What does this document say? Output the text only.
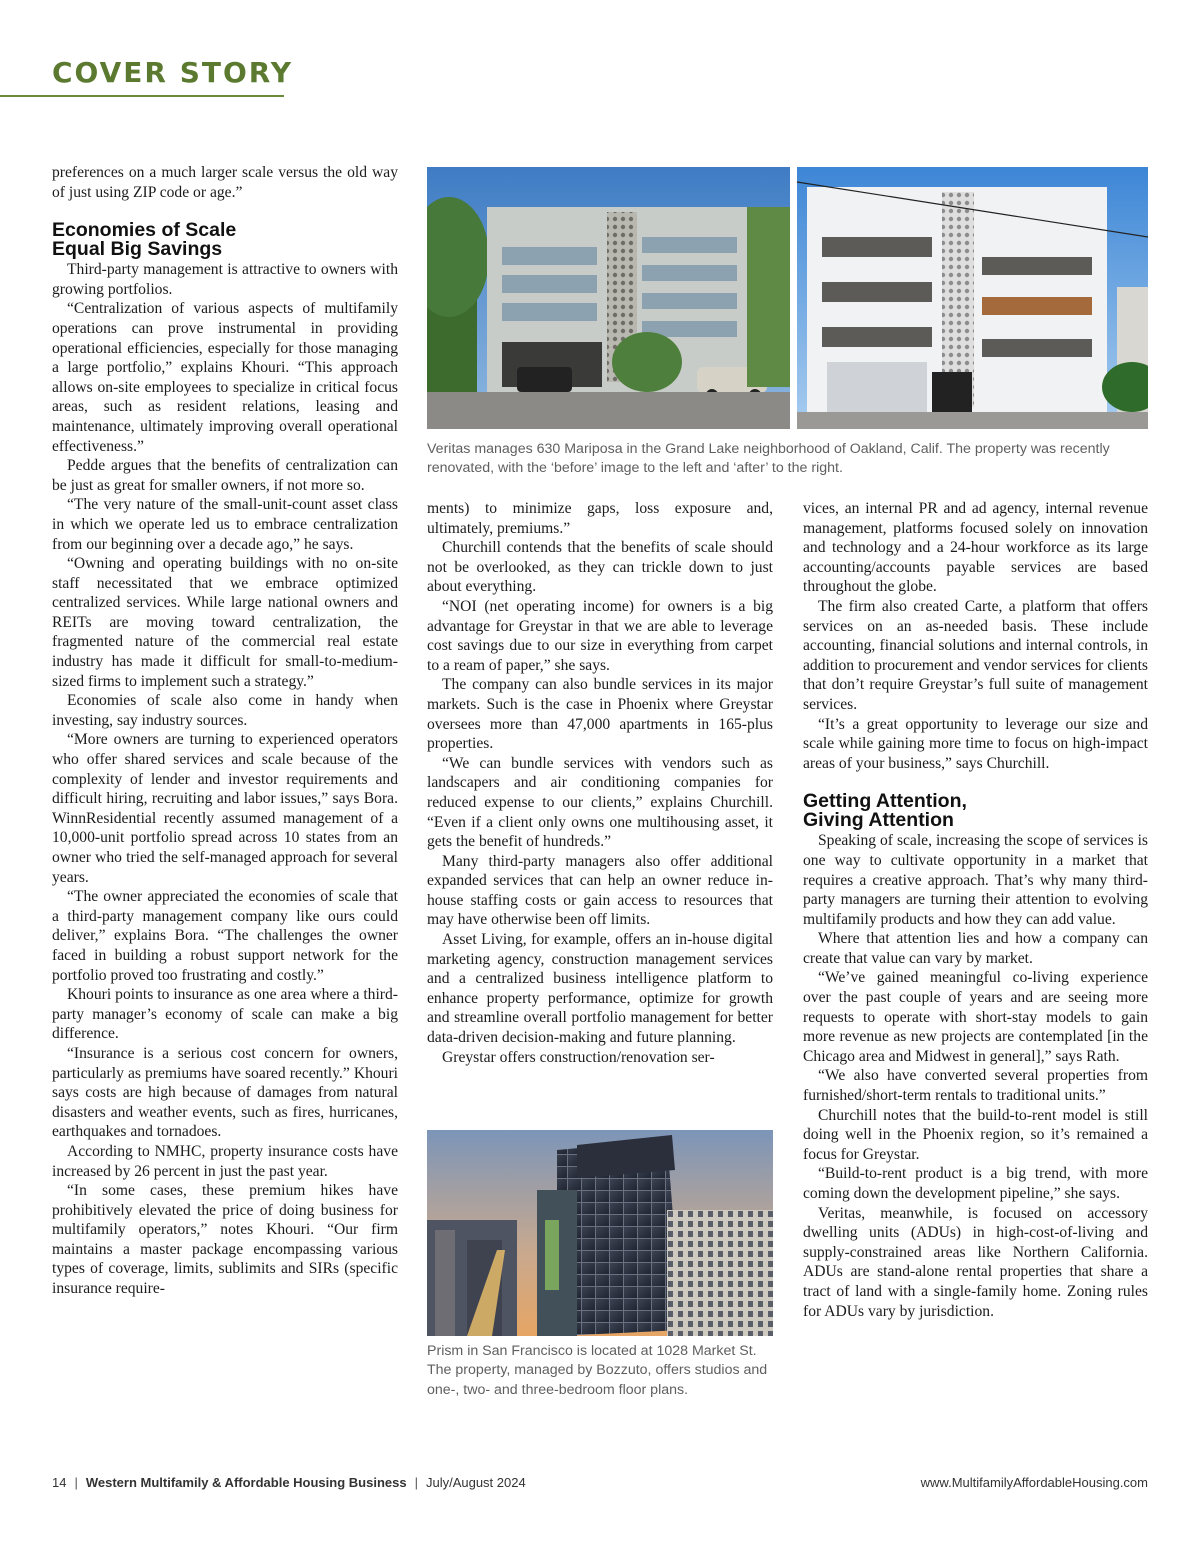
COVER STORY

preferences on a much larger scale versus the old way of just using ZIP code or age.”

Economies of Scale
Equal Big Savings

Third-party management is attractive to owners with growing portfolios.

“Centralization of various aspects of multifamily operations can prove instrumental in providing operational efficiencies, especially for those managing a large portfolio,” explains Khouri. “This approach allows on-site employees to specialize in critical focus areas, such as resident relations, leasing and maintenance, ultimately improving overall operational effectiveness.”

Pedde argues that the benefits of centralization can be just as great for smaller owners, if not more so.

“The very nature of the small-unit-count asset class in which we operate led us to embrace centralization from our beginning over a decade ago,” he says.

“Owning and operating buildings with no on-site staff necessitated that we embrace optimized centralized services. While large national owners and REITs are moving toward centralization, the fragmented nature of the commercial real estate industry has made it difficult for small-to-medium-sized firms to implement such a strategy.”

Economies of scale also come in handy when investing, say industry sources.

“More owners are turning to experienced operators who offer shared services and scale because of the complexity of lender and investor requirements and difficult hiring, recruiting and labor issues,” says Bora. WinnResidential recently assumed management of a 10,000-unit portfolio spread across 10 states from an owner who tried the self-managed approach for several years.

“The owner appreciated the economies of scale that a third-party management company like ours could deliver,” explains Bora. “The challenges the owner faced in building a robust support network for the portfolio proved too frustrating and costly.”

Khouri points to insurance as one area where a third-party manager’s economy of scale can make a big difference.

“Insurance is a serious cost concern for owners, particularly as premiums have soared recently.” Khouri says costs are high because of damages from natural disasters and weather events, such as fires, hurricanes, earthquakes and tornadoes.

According to NMHC, property insurance costs have increased by 26 percent in just the past year.

“In some cases, these premium hikes have prohibitively elevated the price of doing business for multifamily operators,” notes Khouri. “Our firm maintains a master package encompassing various types of coverage, limits, sublimits and SIRs (specific insurance require-

Veritas manages 630 Mariposa in the Grand Lake neighborhood of Oakland, Calif. The property was recently renovated, with the ‘before’ image to the left and ‘after’ to the right.

ments) to minimize gaps, loss exposure and, ultimately, premiums.”

Churchill contends that the benefits of scale should not be overlooked, as they can trickle down to just about everything.

“NOI (net operating income) for owners is a big advantage for Greystar in that we are able to leverage cost savings due to our size in everything from carpet to a ream of paper,” she says.

The company can also bundle services in its major markets. Such is the case in Phoenix where Greystar oversees more than 47,000 apartments in 165-plus properties.

“We can bundle services with vendors such as landscapers and air conditioning companies for reduced expense to our clients,” explains Churchill. “Even if a client only owns one multihousing asset, it gets the benefit of hundreds.”

Many third-party managers also offer additional expanded services that can help an owner reduce in-house staffing costs or gain access to resources that may have otherwise been off limits.

Asset Living, for example, offers an in-house digital marketing agency, construction management services and a centralized business intelligence platform to enhance property performance, optimize for growth and streamline overall portfolio management for better data-driven decision-making and future planning.

Greystar offers construction/renovation ser-

Prism in San Francisco is located at 1028 Market St. The property, managed by Bozzuto, offers studios and one-, two- and three-bedroom floor plans.

vices, an internal PR and ad agency, internal revenue management, platforms focused solely on innovation and technology and a 24-hour workforce as its large accounting/accounts payable services are based throughout the globe.

The firm also created Carte, a platform that offers services on an as-needed basis. These include accounting, financial solutions and internal controls, in addition to procurement and vendor services for clients that don’t require Greystar’s full suite of management services.

“It’s a great opportunity to leverage our size and scale while gaining more time to focus on high-impact areas of your business,” says Churchill.

Getting Attention,
Giving Attention

Speaking of scale, increasing the scope of services is one way to cultivate opportunity in a market that requires a creative approach. That’s why many third-party managers are turning their attention to evolving multifamily products and how they can add value.

Where that attention lies and how a company can create that value can vary by market.

“We’ve gained meaningful co-living experience over the past couple of years and are seeing more requests to operate with short-stay models to gain more revenue as new projects are contemplated [in the Chicago area and Midwest in general],” says Rath.

“We also have converted several properties from furnished/short-term rentals to traditional units.”

Churchill notes that the build-to-rent model is still doing well in the Phoenix region, so it’s remained a focus for Greystar.

“Build-to-rent product is a big trend, with more coming down the development pipeline,” she says.

Veritas, meanwhile, is focused on accessory dwelling units (ADUs) in high-cost-of-living and supply-constrained areas like Northern California. ADUs are stand-alone rental properties that share a tract of land with a single-family home. Zoning rules for ADUs vary by jurisdiction.

14 | Western Multifamily & Affordable Housing Business | July/August 2024	www.MultifamilyAffordableHousing.com
